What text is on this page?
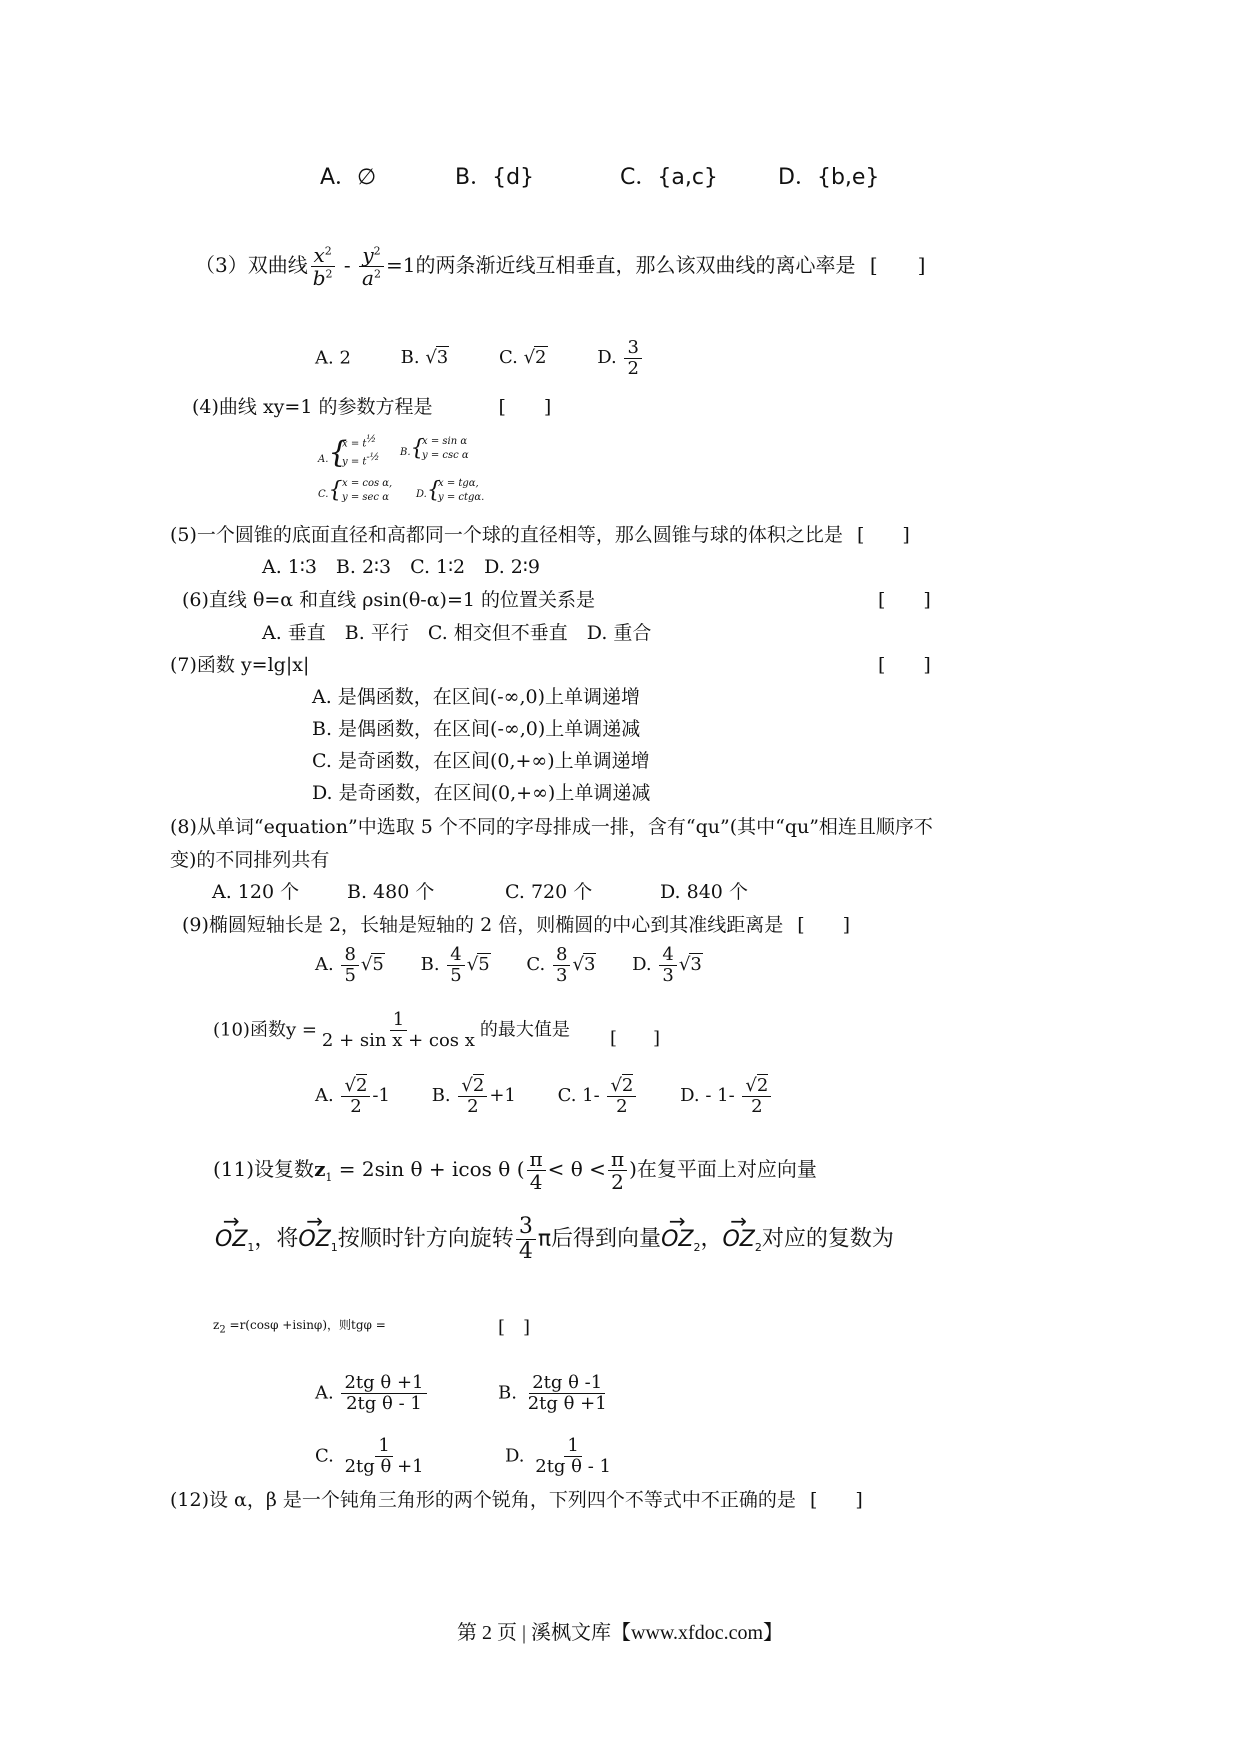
A．∅	B．{d}	C．{a,c}	D．{b,e}
（3）双曲线 $\frac{x^2}{b^2} - \frac{y^2}{a^2} =1$的两条渐近线互相垂直，那么该双曲线的离心率是 [　　]
A. 2	B. √3	C. √2	D. $\frac{3}{2}$
(4)曲线 xy=1 的参数方程是	[　　]
A.{
$x = t^{\frac{1}{2}}$
$y = t^{-\frac{1}{2}}$ B.{
x = sin α
y = csc α
C.{ x = cos α,
y = sec α	D.{
x = tgα,
y = ctgα.
(5)一个圆锥的底面直径和高都同一个球的直径相等，那么圆锥与球的体积之比是 [　　]
A. 1∶3　B. 2∶3　C. 1∶2　D. 2∶9
(6)直线 θ=α 和直线 ρsin(θ-α)=1 的位置关系是	[　　]
A. 垂直　B. 平行　C. 相交但不垂直　D. 重合
(7)函数 y=lg|x|	[　　]
A. 是偶函数，在区间(-∞,0)上单调递增
B. 是偶函数，在区间(-∞,0)上单调递减
C. 是奇函数，在区间(0,+∞)上单调递增
D. 是奇函数，在区间(0,+∞)上单调递减
(8)从单词“equation”中选取 5 个不同的字母排成一排，含有“qu”(其中“qu”相连且顺序不
变)的不同排列共有
A. 120 个	B. 480 个	C. 720 个	D. 840 个
(9)椭圆短轴长是 2，长轴是短轴的 2 倍，则椭圆的中心到其准线距离是 [　　]
A. $\frac{8}{5} √5$ B. $\frac{4}{5} √5$ C. $\frac{8}{3} √3$ D. $\frac{4}{3} √3$
(10)函数$y = \frac{1}{\text{2 + sin x + cos x}}$ 的最大值是 [　　]
A. $\frac{√2}{2} -1$ B. $\frac{√2}{2} +1$ C. $1- \frac{√2}{2} D$. - $1- \frac{√2}{2}$
(11)设复数$z_1 = 2\sin$ θ + icos θ ( $\frac{\pi}{4} < \theta < \frac{\pi}{2}$ )在复平面上对应向量
→ $OZ_1$，将→ $OZ_1$按顺时针方向旋转 $\frac{3}{4}$ π后得到向量→ $OZ_2$，→ $OZ_2$对应的复数为
$z_2 =r(\cos\varphi +isin\varphi)$，则tgφ =	[　]
A. $\frac{\text{2tg θ +1}}{\text{2tg θ - 1}}$	B. $\frac{\text{2tg θ -1}}{\text{2tg θ +1}}$
C. $\frac{1}{\text{2tg θ +1}}$	D. $\frac{1}{\text{2tg θ - 1}}$
(12)设 α，β 是一个钝角三角形的两个锐角，下列四个不等式中不正确的是 [　　]
第 2 页 | 溪枫文库【www.xfdoc.com】
